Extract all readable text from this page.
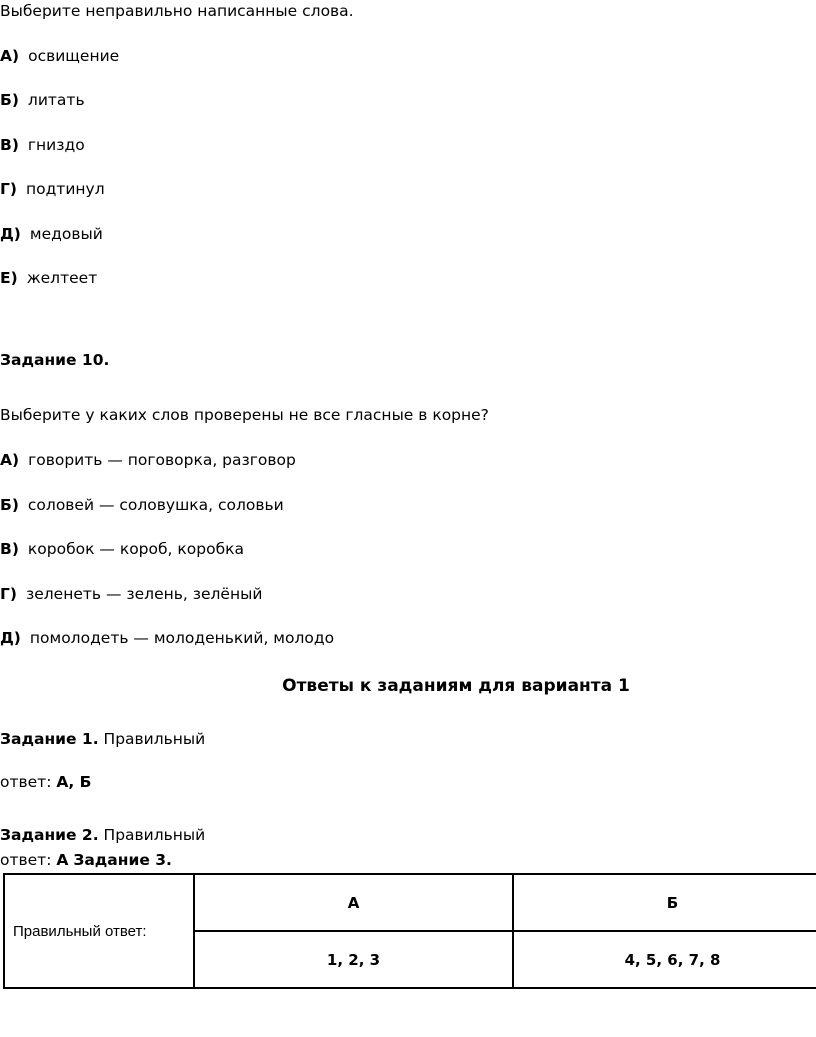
Выберите неправильно написанные слова.
А) освищение
Б) литать
В) гниздо
Г) подтинул
Д) медовый
Е) желтеет
Задание 10.
Выберите у каких слов проверены не все гласные в корне?
А) говорить — поговорка, разговор
Б) соловей — соловушка, соловьи
В) коробок — короб, коробка
Г) зеленеть — зелень, зелёный
Д) помолодеть — молоденький, молодо
Ответы к заданиям для варианта 1
Задание 1. Правильный
ответ: А, Б
Задание 2. Правильный
ответ: А Задание 3.
Правильный ответ:	А	Б
	1, 2, 3	4, 5, 6, 7, 8
